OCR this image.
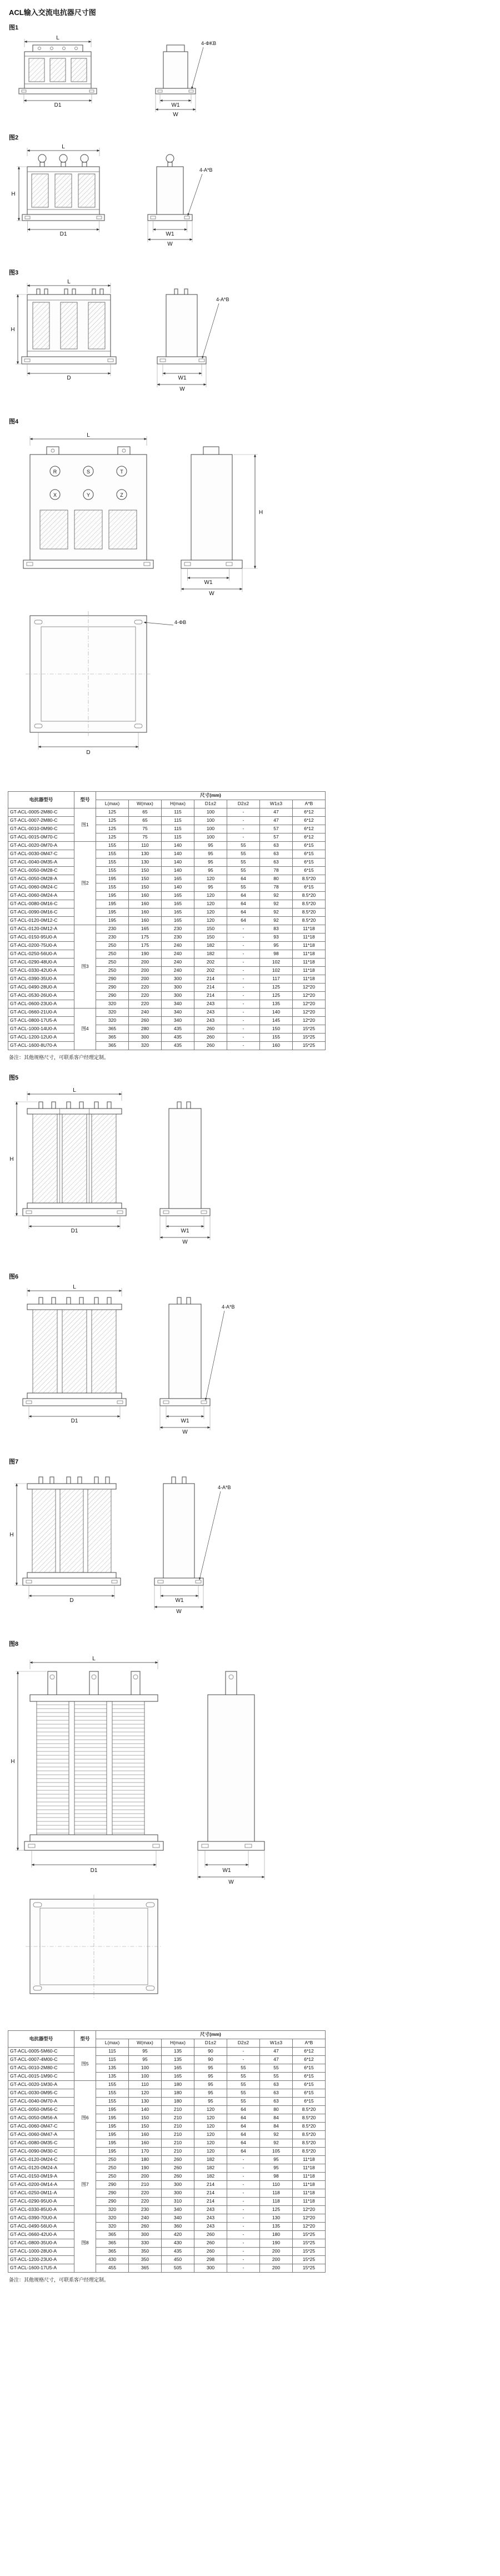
ACL输入交流电抗器尺寸图
图1
L
D1
4-ΦKB
W1
W
图2
L
H
D1
4-A*B
W1
W
图3
L
H
D
4-A*B
W1
W
图4
L
R	S	T
X	Y	Z
H
W1
W
4-ΦB
D
电抗器型号	型号	尺寸(mm)						
		L(max)	W(max)	H(max)	D1±2	D2±2	W1±3	A*B
GT-ACL-0005-2M80-C	图1	125	65	115	100	-	47	6*12
GT-ACL-0007-2M80-C		125	65	115	100	-	47	6*12
GT-ACL-0010-0M90-C		125	75	115	100	-	57	6*12
GT-ACL-0015-0M70-C		125	75	115	100	-	57	6*12
GT-ACL-0020-0M70-A	图2	155	110	140	95	55	63	6*15
GT-ACL-0030-0M47-C		155	130	140	95	55	63	6*15
GT-ACL-0040-0M35-A		155	130	140	95	55	63	6*15
GT-ACL-0050-0M28-C		155	150	140	95	55	78	6*15
GT-ACL-0050-0M28-A		195	150	165	120	64	80	8.5*20
GT-ACL-0060-0M24-C		155	150	140	95	55	78	6*15
GT-ACL-0060-0M24-A		195	160	165	120	64	92	8.5*20
GT-ACL-0080-0M16-C		195	160	165	120	64	92	8.5*20
GT-ACL-0090-0M16-C		195	160	165	120	64	92	8.5*20
GT-ACL-0120-0M12-C		195	160	165	120	64	92	8.5*20
GT-ACL-0120-0M12-A	图3	230	165	230	150	-	83	11*18
GT-ACL-0150-95U0-A		230	175	230	150	-	93	11*18
GT-ACL-0200-75U0-A		250	175	240	182	-	95	11*18
GT-ACL-0250-56U0-A		250	190	240	182	-	98	11*18
GT-ACL-0290-48U0-A		250	200	240	202	-	102	11*18
GT-ACL-0330-42U0-A		250	200	240	202	-	102	11*18
GT-ACL-0390-35U0-A		290	200	300	214	-	117	11*18
GT-ACL-0490-28U0-A		290	220	300	214	-	125	12*20
GT-ACL-0530-26U0-A		290	220	300	214	-	125	12*20
GT-ACL-0600-23U0-A		320	220	340	243	-	135	12*20
GT-ACL-0660-21U0-A	图4	320	240	340	243	-	140	12*20
GT-ACL-0800-17U5-A		320	260	340	243	-	145	12*20
GT-ACL-1000-14U0-A		365	280	435	260	-	150	15*25
GT-ACL-1200-12U0-A		365	300	435	260	-	155	15*25
GT-ACL-1600-8U70-A		365	320	435	260	-	160	15*25

备注：其他规格尺寸，可联系客户经理定制。

图5
L
H
D1	W1
W
图6
L
D1
4-A*B
W1
W
图7
H
D
4-A*B
W1
W
图8
L
H
D1	W1
W
电抗器型号	型号	尺寸(mm)						
		L(max)	W(max)	H(max)	D1±2	D2±2	W1±3	A*B
GT-ACL-0005-5M60-C	图5	115	95	135	90	-	47	6*12
GT-ACL-0007-4M00-C		115	95	135	90	-	47	6*12
GT-ACL-0010-2M80-C		135	100	165	95	55	55	6*15
GT-ACL-0015-1M90-C		135	100	165	95	55	55	6*15
GT-ACL-0020-1M30-A	图6	155	110	180	95	55	63	6*15
GT-ACL-0030-0M95-C		155	120	180	95	55	63	6*15
GT-ACL-0040-0M70-A		155	130	180	95	55	63	6*15
GT-ACL-0050-0M56-C		195	140	210	120	64	80	8.5*20
GT-ACL-0050-0M56-A		195	150	210	120	64	84	8.5*20
GT-ACL-0060-0M47-C		195	150	210	120	64	84	8.5*20
GT-ACL-0060-0M47-A		195	160	210	120	64	92	8.5*20
GT-ACL-0080-0M35-C		195	160	210	120	64	92	8.5*20
GT-ACL-0090-0M30-C		195	170	210	120	64	105	8.5*20
GT-ACL-0120-0M24-C	图7	250	180	260	182	-	95	11*18
GT-ACL-0120-0M24-A		250	190	260	182	-	95	11*18
GT-ACL-0150-0M19-A		250	200	260	182	-	98	11*18
GT-ACL-0200-0M14-A		290	210	300	214	-	110	11*18
GT-ACL-0250-0M11-A		290	220	300	214	-	118	11*18
GT-ACL-0290-95U0-A		290	220	310	214	-	118	11*18
GT-ACL-0330-85U0-A		320	230	340	243	-	125	12*20
GT-ACL-0390-70U0-A	图8	320	240	340	243	-	130	12*20
GT-ACL-0490-56U0-A		320	260	360	243	-	135	12*20
GT-ACL-0660-42U0-A		365	300	420	260	-	180	15*25
GT-ACL-0800-35U0-A		365	330	430	260	-	190	15*25
GT-ACL-1000-28U0-A		365	350	435	260	-	200	15*25
GT-ACL-1200-23U0-A		430	350	450	298	-	200	15*25
GT-ACL-1600-17U5-A		455	365	505	300	-	200	15*25

备注：其他规格尺寸，可联系客户经理定制。
